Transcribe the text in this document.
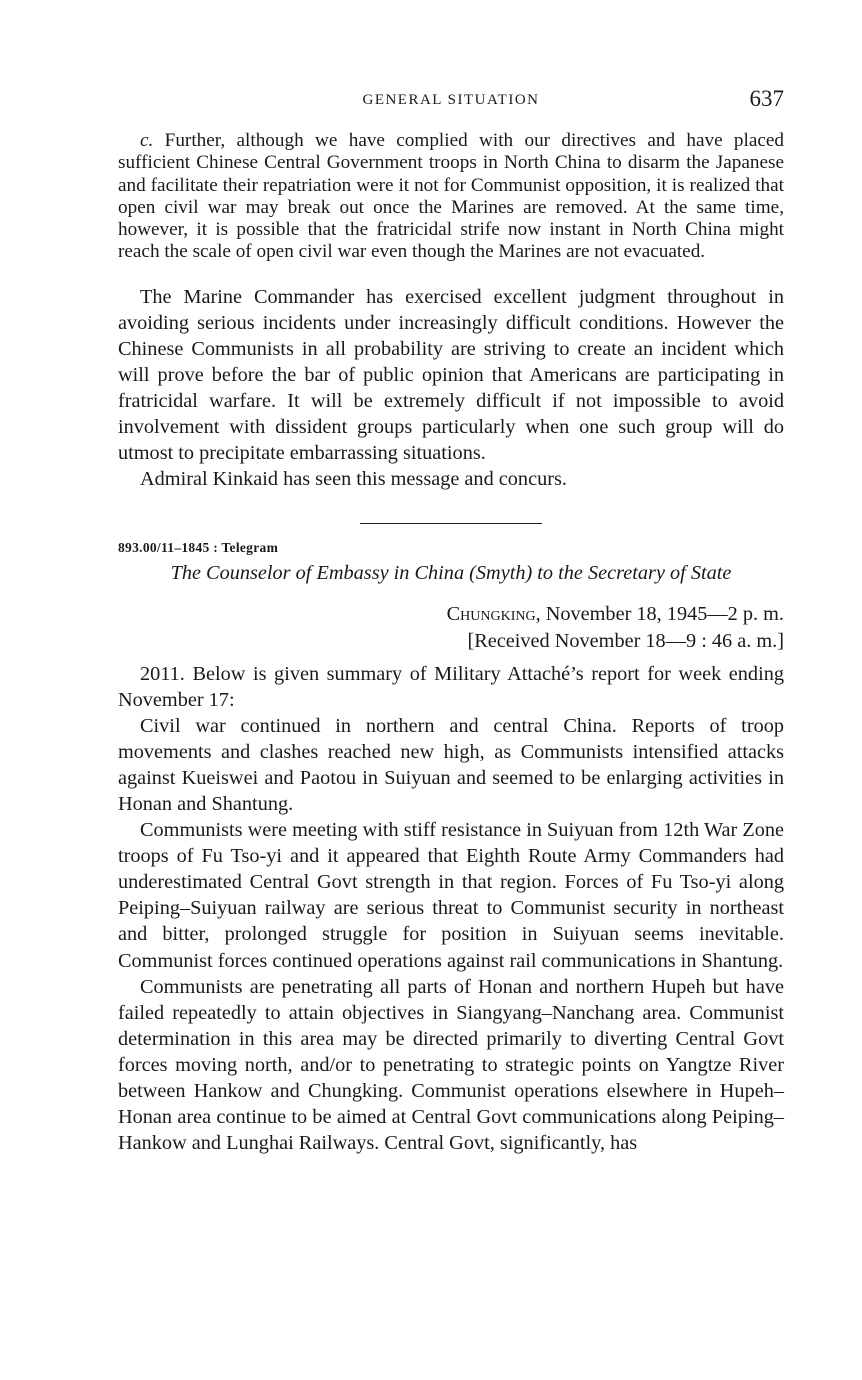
GENERAL SITUATION	637

c. Further, although we have complied with our directives and have placed sufficient Chinese Central Government troops in North China to disarm the Japanese and facilitate their repatriation were it not for Communist opposition, it is realized that open civil war may break out once the Marines are removed. At the same time, however, it is possible that the fratricidal strife now instant in North China might reach the scale of open civil war even though the Marines are not evacuated.

The Marine Commander has exercised excellent judgment throughout in avoiding serious incidents under increasingly difficult conditions. However the Chinese Communists in all probability are striving to create an incident which will prove before the bar of public opinion that Americans are participating in fratricidal warfare. It will be extremely difficult if not impossible to avoid involvement with dissident groups particularly when one such group will do utmost to precipitate embarrassing situations.

Admiral Kinkaid has seen this message and concurs.

893.00/11–1845 : Telegram

The Counselor of Embassy in China (Smyth) to the Secretary of State

Chungking, November 18, 1945—2 p. m.

[Received November 18—9 : 46 a. m.]

2011. Below is given summary of Military Attaché’s report for week ending November 17:

Civil war continued in northern and central China. Reports of troop movements and clashes reached new high, as Communists intensified attacks against Kueiswei and Paotou in Suiyuan and seemed to be enlarging activities in Honan and Shantung.

Communists were meeting with stiff resistance in Suiyuan from 12th War Zone troops of Fu Tso-yi and it appeared that Eighth Route Army Commanders had underestimated Central Govt strength in that region. Forces of Fu Tso-yi along Peiping–Suiyuan railway are serious threat to Communist security in northeast and bitter, prolonged struggle for position in Suiyuan seems inevitable. Communist forces continued operations against rail communications in Shantung.

Communists are penetrating all parts of Honan and northern Hupeh but have failed repeatedly to attain objectives in Siangyang–Nanchang area. Communist determination in this area may be directed primarily to diverting Central Govt forces moving north, and/or to penetrating to strategic points on Yangtze River between Hankow and Chungking. Communist operations elsewhere in Hupeh–Honan area continue to be aimed at Central Govt communications along Peiping–Hankow and Lunghai Railways. Central Govt, significantly, has
